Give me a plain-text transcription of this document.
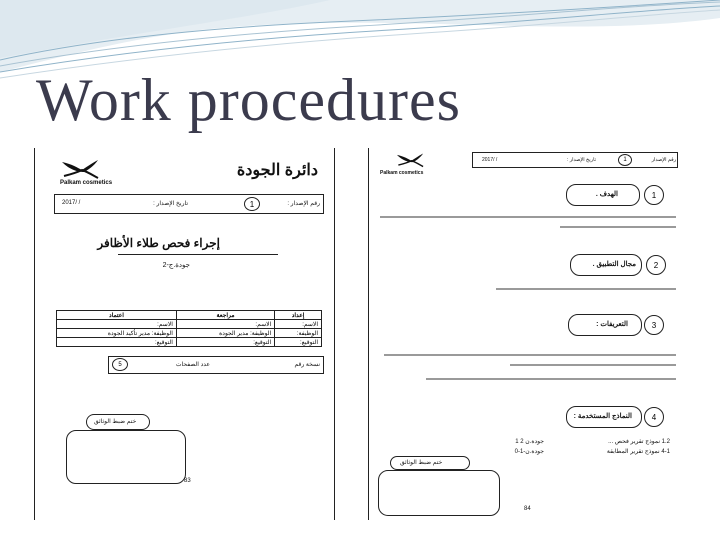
Work procedures
Palkam cosmetics
دائرة الجودة
1	رقم الإصدار :
تاريخ الإصدار :
2017/ /
إجراء فحص طلاء الأظافر
جودة.ج-2
اعتماد	مراجعة	إعداد
الاسم:	الاسم:	الاسم:
الوظيفة: مدير تأكيد الجودة	الوظيفة: مدير الجودة	الوظيفة:
التوقيع:	التوقيع:	التوقيع:
نسخة رقم
عدد الصفحات
5
ختم ضبط الوثائق
83
Palkam cosmetics
1	رقم الإصدار
تاريخ الإصدار :
2017/ /
الهدف .	1
مجال التطبيق .	2
التعريفات :	3
النماذج المستخدمة :	4
1.2 نموذج تقرير فحص ...
جودة.ن 2 1
4-1 نموذج تقرير المطابقة
جودة.ن-1-0
ختم ضبط الوثائق
84
